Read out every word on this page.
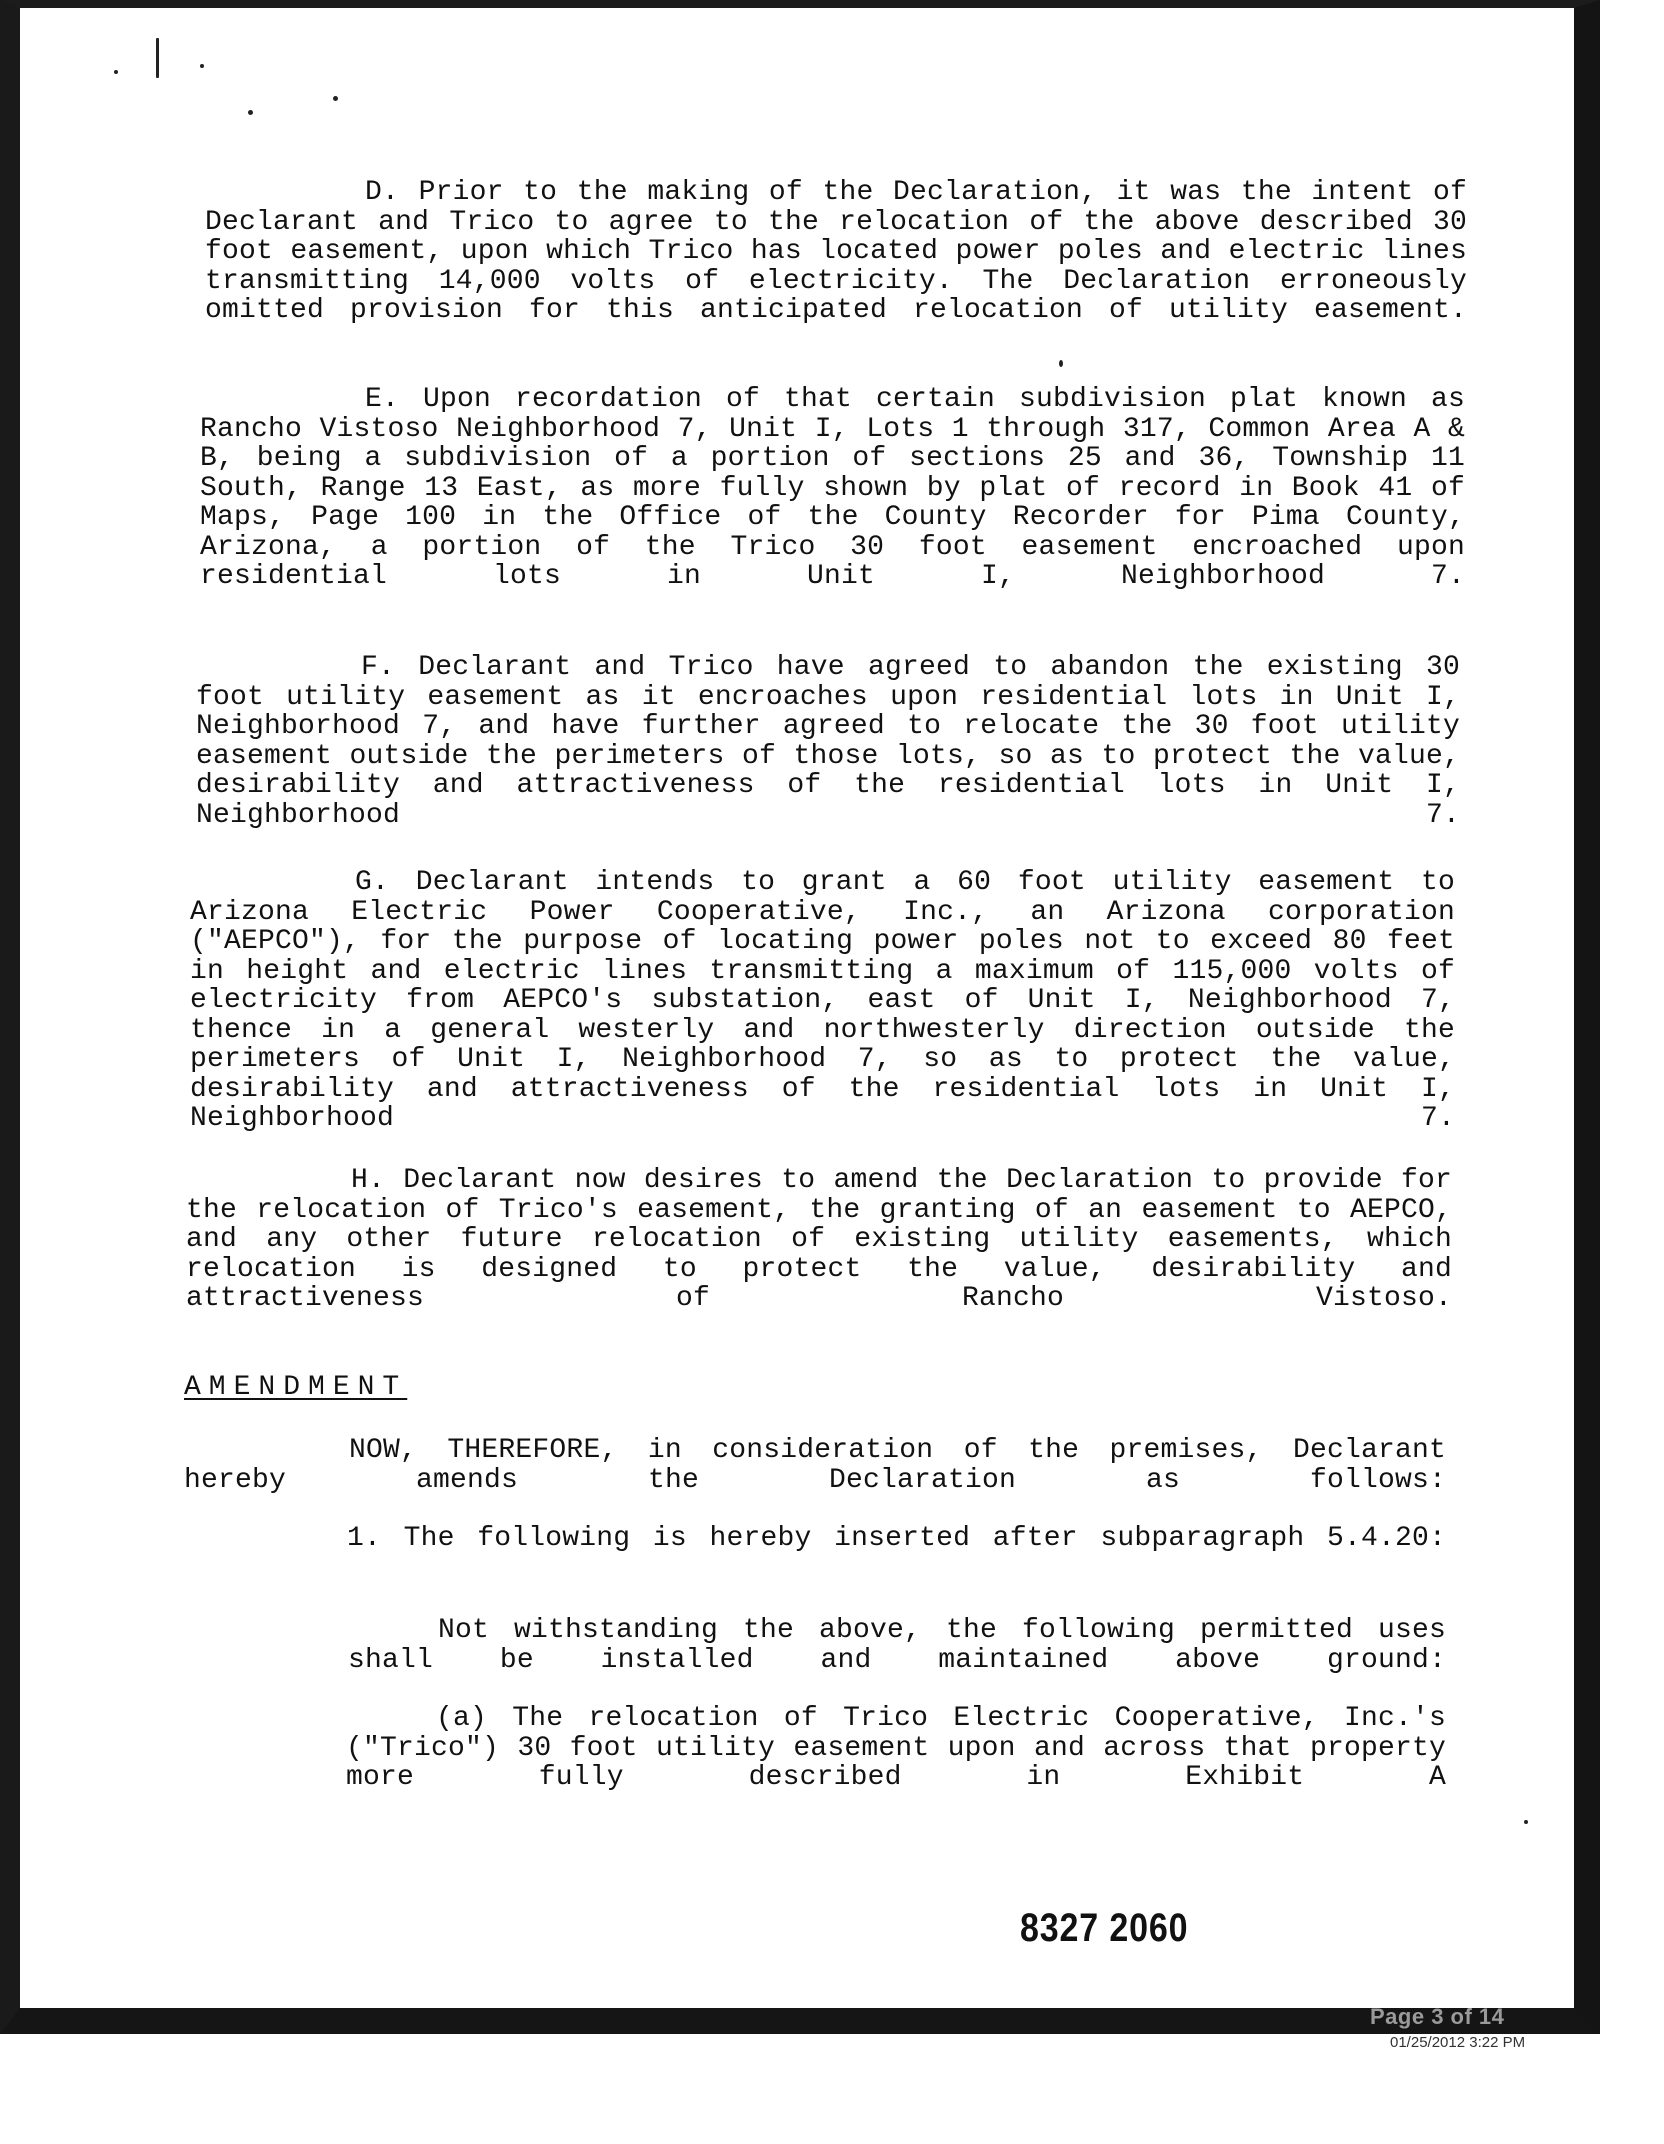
D. Prior to the making of the Declaration, it was the intent of Declarant and Trico to agree to the relocation of the above described 30 foot easement, upon which Trico has located power poles and electric lines transmitting 14,000 volts of electricity. The Declaration erroneously omitted provision for this anticipated relocation of utility easement.

E. Upon recordation of that certain subdivision plat known as Rancho Vistoso Neighborhood 7, Unit I, Lots 1 through 317, Common Area A & B, being a subdivision of a portion of sections 25 and 36, Township 11 South, Range 13 East, as more fully shown by plat of record in Book 41 of Maps, Page 100 in the Office of the County Recorder for Pima County, Arizona, a portion of the Trico 30 foot easement encroached upon residential lots in Unit I, Neighborhood 7.

F. Declarant and Trico have agreed to abandon the existing 30 foot utility easement as it encroaches upon residential lots in Unit I, Neighborhood 7, and have further agreed to relocate the 30 foot utility easement outside the perimeters of those lots, so as to protect the value, desirability and attractiveness of the residential lots in Unit I, Neighborhood 7.

G. Declarant intends to grant a 60 foot utility easement to Arizona Electric Power Cooperative, Inc., an Arizona corporation ("AEPCO"), for the purpose of locating power poles not to exceed 80 feet in height and electric lines transmitting a maximum of 115,000 volts of electricity from AEPCO's substation, east of Unit I, Neighborhood 7, thence in a general westerly and northwesterly direction outside the perimeters of Unit I, Neighborhood 7, so as to protect the value, desirability and attractiveness of the residential lots in Unit I, Neighborhood 7.

H. Declarant now desires to amend the Declaration to provide for the relocation of Trico's easement, the granting of an easement to AEPCO, and any other future relocation of existing utility easements, which relocation is designed to protect the value, desirability and attractiveness of Rancho Vistoso.

AMENDMENT

NOW, THEREFORE, in consideration of the premises, Declarant hereby amends the Declaration as follows:

1. The following is hereby inserted after subparagraph 5.4.20:

Not withstanding the above, the following permitted uses shall be installed and maintained above ground:

(a) The relocation of Trico Electric Cooperative, Inc.'s ("Trico") 30 foot utility easement upon and across that property more fully described in Exhibit A

8327 2060
Page 3 of 14
01/25/2012 3:22 PM
